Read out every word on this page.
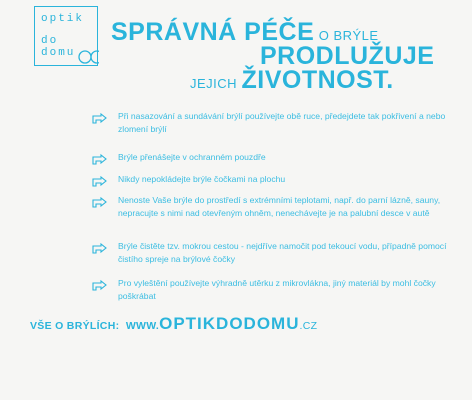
optik
do domu
SPRÁVNÁ PÉČE O BRÝLE
PRODLUŽUJE
JEJICH ŽIVOTNOST.
Při nasazování a sundávání brýlí používejte obě ruce, předejdete tak pokřivení a nebo zlomení brýlí
Brýle přenášejte v ochranném pouzdře
Nikdy nepokládejte brýle čočkami na plochu
Nenoste Vaše brýle do prostředí s extrémními teplotami, např. do parní lázně, sauny, nepracujte s nimi nad otevřeným ohněm, nenechávejte je na palubní desce v autě
Brýle čistěte tzv. mokrou cestou - nejdříve namočit pod tekoucí vodu, případně pomocí čistího spreje na brýlové čočky
Pro vyleštění používejte výhradně utěrku z mikrovlákna, jiný materiál by mohl čočky poškrábat
VŠE O BRÝLÍCH: WWW.OPTIKDODOMU.CZ
